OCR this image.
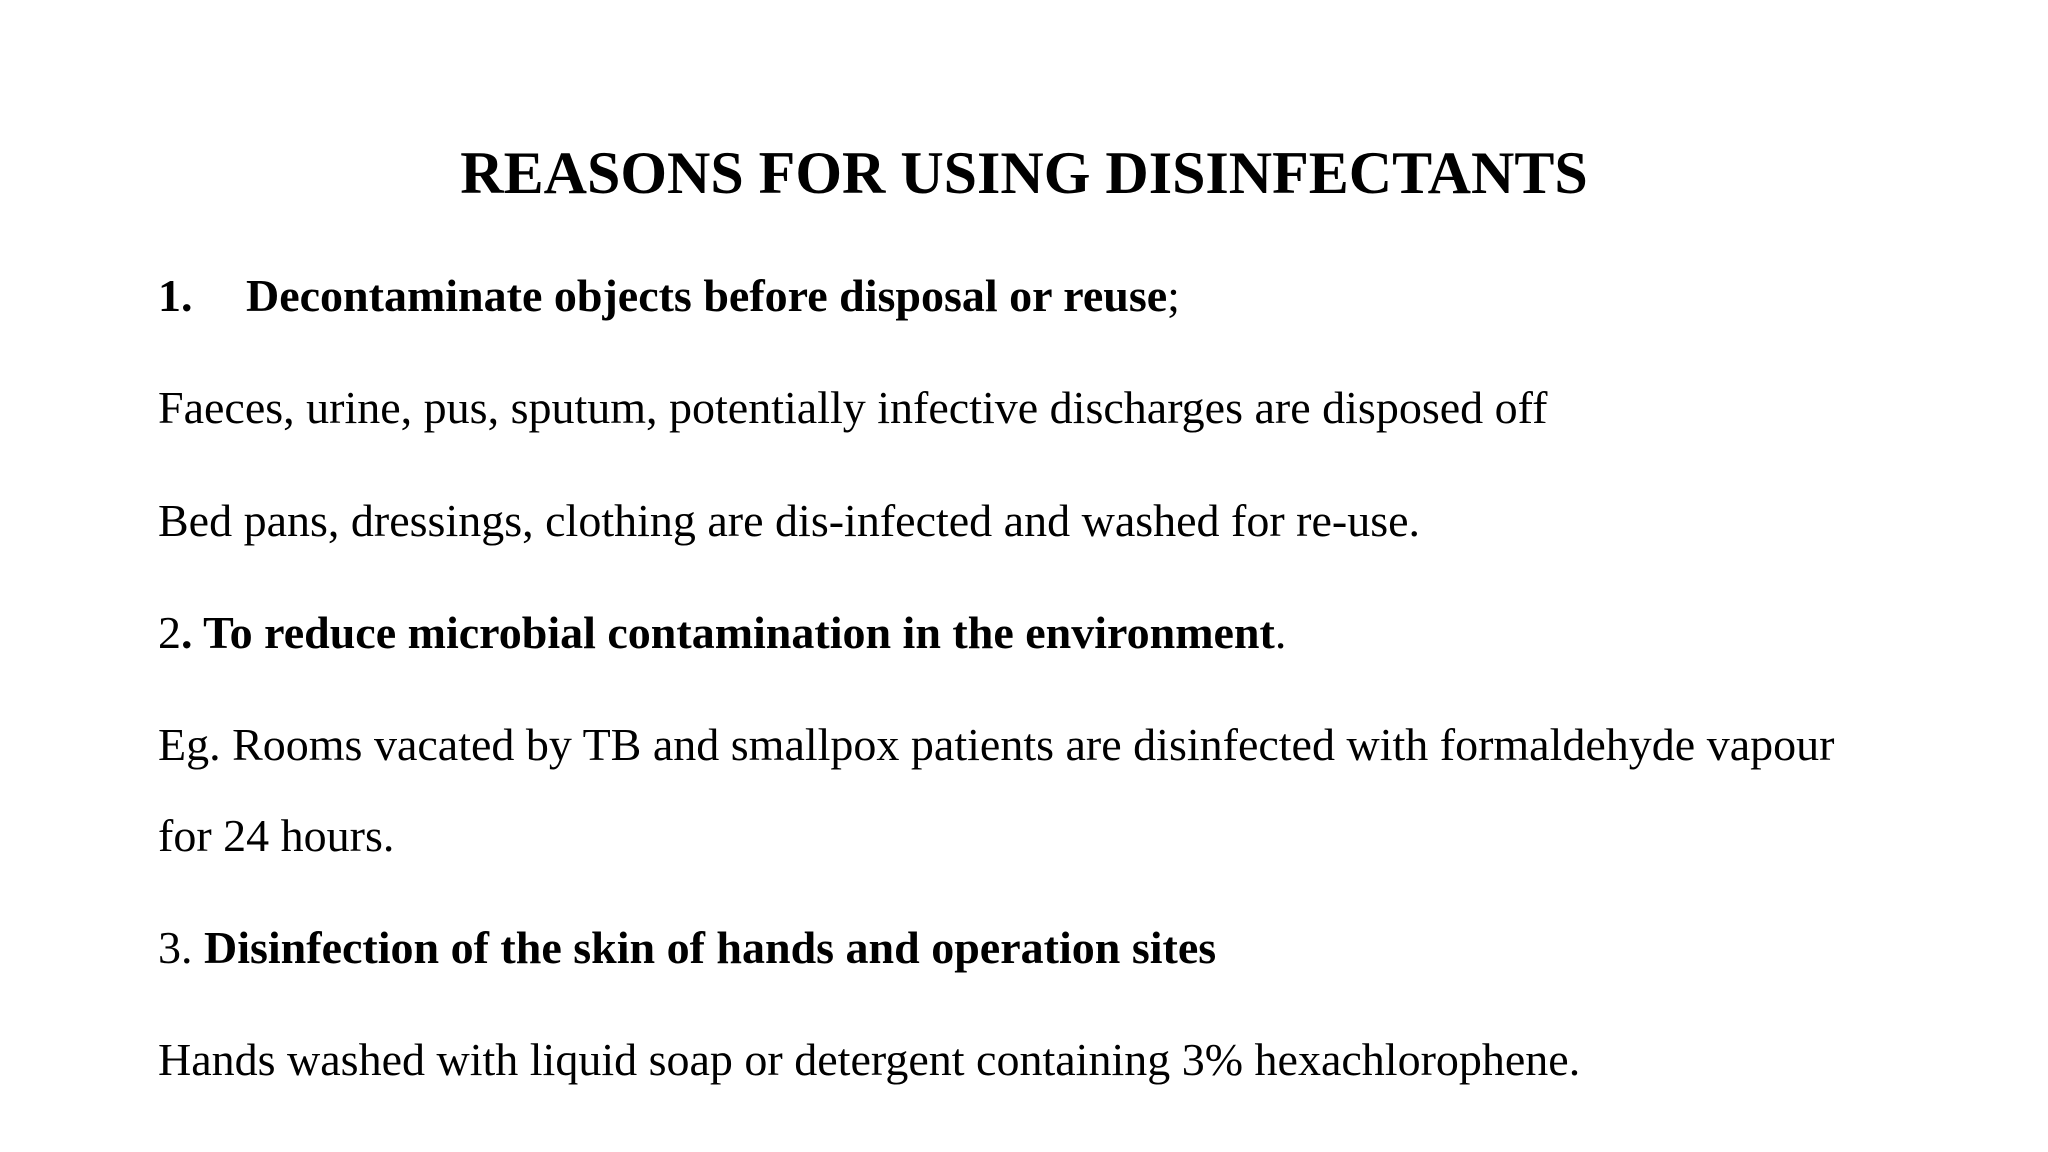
REASONS FOR USING DISINFECTANTS
1. Decontaminate objects before disposal or reuse;
Faeces, urine, pus, sputum, potentially infective discharges are disposed off
Bed pans, dressings, clothing are dis-infected and washed for re-use.
2. To reduce microbial contamination in the environment.
Eg. Rooms vacated by TB and smallpox patients are disinfected with formaldehyde vapour
for 24 hours.
3. Disinfection of the skin of hands and operation sites
Hands washed with liquid soap or detergent containing 3% hexachlorophene.
